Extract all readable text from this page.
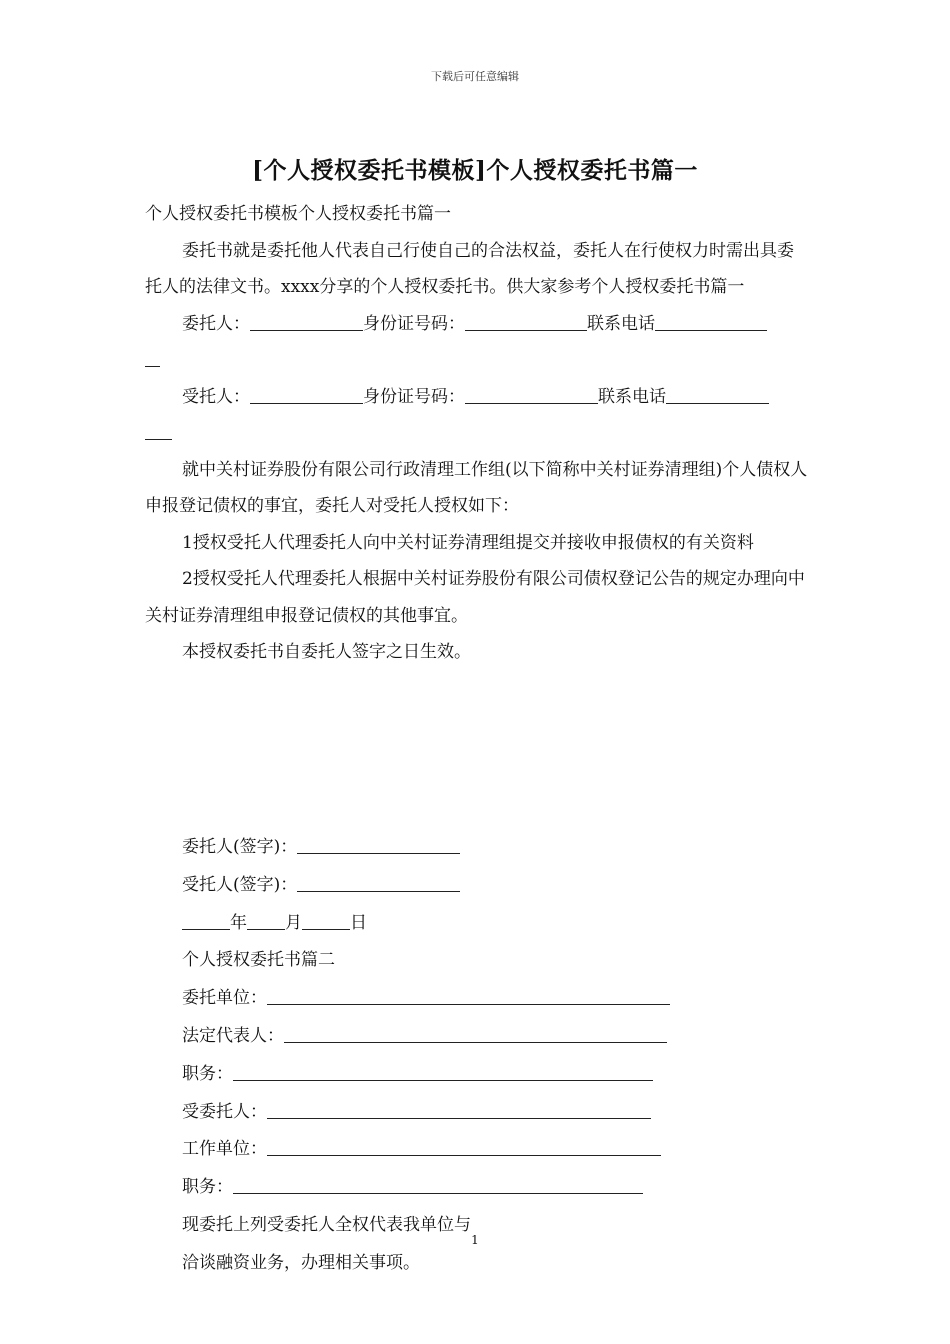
下载后可任意编辑
[个人授权委托书模板]个人授权委托书篇一

个人授权委托书模板个人授权委托书篇一

委托书就是委托他人代表自己行使自己的合法权益，委托人在行使权力时需出具委托人的法律文书。xxxx分享的个人授权委托书。供大家参考个人授权委托书篇一

委托人：	身份证号码：	联系电话
受托人：	身份证号码：	联系电话

就中关村证券股份有限公司行政清理工作组(以下简称中关村证券清理组)个人债权人申报登记债权的事宜，委托人对受托人授权如下：

1授权受托人代理委托人向中关村证券清理组提交并接收申报债权的有关资料

2授权受托人代理委托人根据中关村证券股份有限公司债权登记公告的规定办理向中关村证券清理组申报登记债权的其他事宜。

本授权委托书自委托人签字之日生效。

委托人(签字)：
受托人(签字)：
年 月	日
个人授权委托书篇二
委托单位：
法定代表人：
职务：
受委托人：
工作单位：
职务：
现委托上列受委托人全权代表我单位与
洽谈融资业务，办理相关事项。
1
